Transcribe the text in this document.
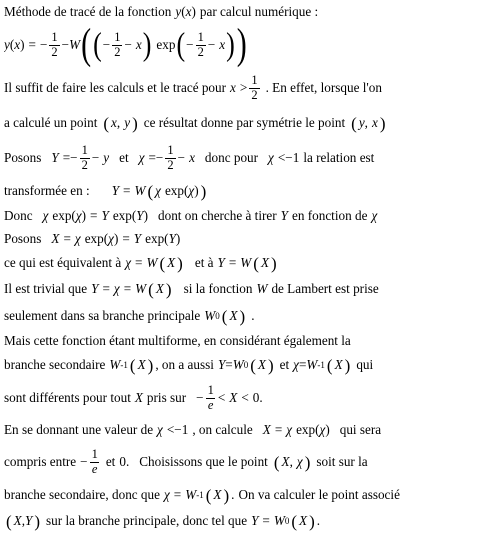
Méthode de tracé de la fonction y ( x ) par calcul numérique :
y ( x ) = − $\frac{1}{2} - W$ ( ( − $\frac{1}{2} - x$ ) exp ( − $\frac{1}{2} - x$ ) )
Il suffit de faire les calculs et le tracé pour $x > \frac{1}{2}$ . En effet, lorsque l'on
a calculé un point ( x , y ) ce résultat donne par symétrie le point ( y , x )
Posons $Y =- \frac{1}{2} - y$ et $\chi =- \frac{1}{2} - x$ donc pour χ <−1 la relation est
transformée en : Y = W ( χ exp( χ ) )
Donc χ exp( χ ) = Y exp( Y ) dont on cherche à tirer Y en fonction de χ
Posons X = χ exp( χ ) = Y exp( Y )
ce qui est équivalent à χ = W ( X ) et à Y = W ( X )
Il est trivial que Y = χ = W ( X ) si la fonction W de Lambert est prise
seulement dans sa branche principale W 0 ( X ) .
Mais cette fonction étant multiforme, en considérant également la
branche secondaire W -1 ( X ) , on a aussi Y = W 0 ( X ) et χ = W -1 ( X ) qui
sont différents pour tout X pris sur − $\frac{1}{e} < X < 0$.
En se donnant une valeur de χ <−1 , on calcule X = χ exp( χ ) qui sera
compris entre − $\frac{1}{e}$ et 0. Choisissons que le point ( X , χ ) soit sur la
branche secondaire, donc que χ = W -1 ( X ) . On va calculer le point associé
( X , Y ) sur la branche principale, donc tel que Y = W 0 ( X ) .
